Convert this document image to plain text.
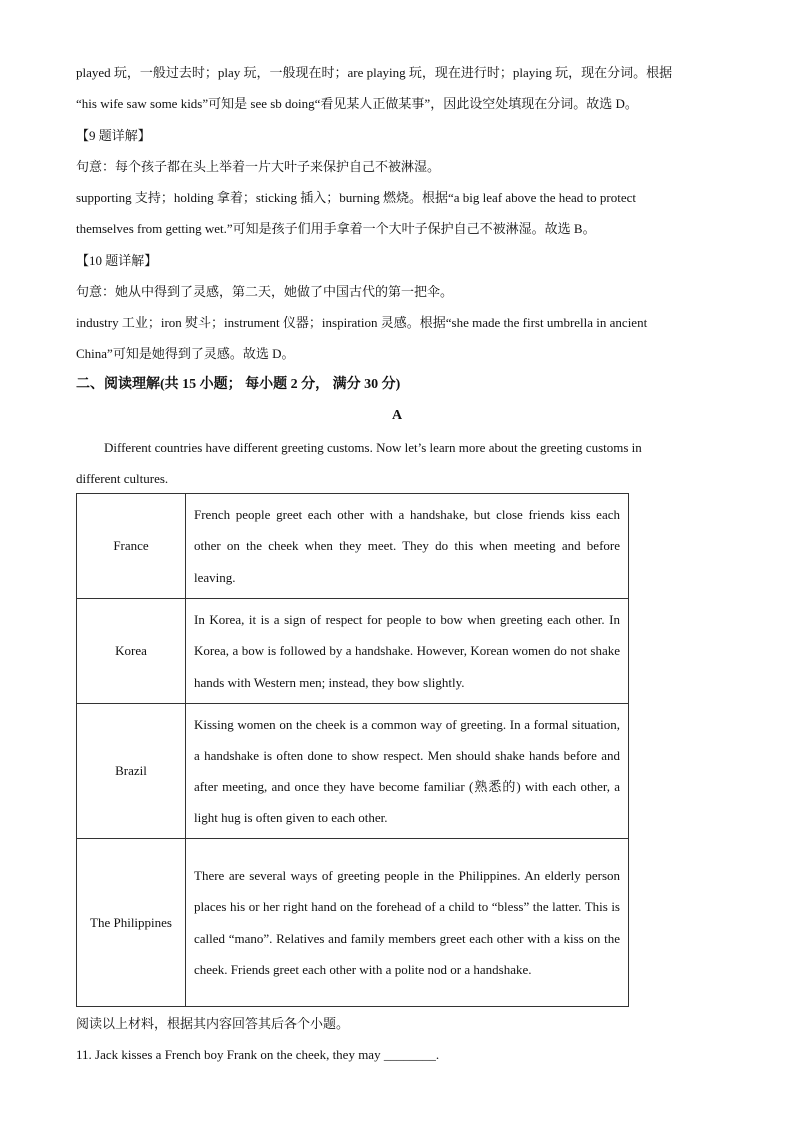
played 玩，一般过去时；play 玩，一般现在时；are playing 玩，现在进行时；playing 玩，现在分词。根据
“his wife saw some kids”可知是 see sb doing“看见某人正做某事”，因此设空处填现在分词。故选 D。
【9 题详解】
句意：每个孩子都在头上举着一片大叶子来保护自己不被淋湿。
supporting 支持；holding 拿着；sticking 插入；burning 燃烧。根据“a big leaf above the head to protect
themselves from getting wet.”可知是孩子们用手拿着一个大叶子保护自己不被淋湿。故选 B。
【10 题详解】
句意：她从中得到了灵感，第二天，她做了中国古代的第一把伞。
industry 工业；iron 熨斗；instrument 仪器；inspiration 灵感。根据“she made the first umbrella in ancient
China”可知是她得到了灵感。故选 D。
二、阅读理解(共 15 小题； 每小题 2 分， 满分 30 分)
A
Different countries have different greeting customs. Now let’s learn more about the greeting customs in
different cultures.
France	French people greet each other with a handshake, but close friends kiss each other on the cheek when they meet. They do this when meeting and before leaving.
Korea	In Korea, it is a sign of respect for people to bow when greeting each other. In Korea, a bow is followed by a handshake. However, Korean women do not shake hands with Western men; instead, they bow slightly.
Brazil	Kissing women on the cheek is a common way of greeting. In a formal situation, a handshake is often done to show respect. Men should shake hands before and after meeting, and once they have become familiar (熟悉的) with each other, a light hug is often given to each other.
The Philippines	There are several ways of greeting people in the Philippines. An elderly person places his or her right hand on the forehead of a child to “bless” the latter. This is called “mano”. Relatives and family members greet each other with a kiss on the cheek. Friends greet each other with a polite nod or a handshake.
阅读以上材料，根据其内容回答其后各个小题。
11. Jack kisses a French boy Frank on the cheek, they may ________.
